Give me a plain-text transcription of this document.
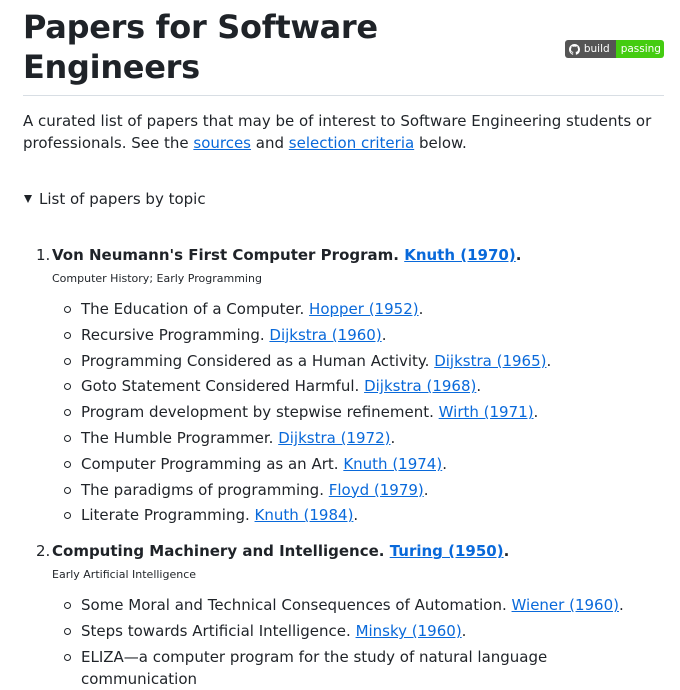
Papers for Software Engineers	build	passing

A curated list of papers that may be of interest to Software Engineering students or professionals. See the sources and selection criteria below.

List of papers by topic
1. Von Neumann's First Computer Program. Knuth (1970).
Computer History; Early Programming
The Education of a Computer. Hopper (1952).
Recursive Programming. Dijkstra (1960).
Programming Considered as a Human Activity. Dijkstra (1965).
Goto Statement Considered Harmful. Dijkstra (1968).
Program development by stepwise refinement. Wirth (1971).
The Humble Programmer. Dijkstra (1972).
Computer Programming as an Art. Knuth (1974).
The paradigms of programming. Floyd (1979).
Literate Programming. Knuth (1984).
2. Computing Machinery and Intelligence. Turing (1950).
Early Artificial Intelligence
Some Moral and Technical Consequences of Automation. Wiener (1960).
Steps towards Artificial Intelligence. Minsky (1960).
ELIZA—a computer program for the study of natural language communication
